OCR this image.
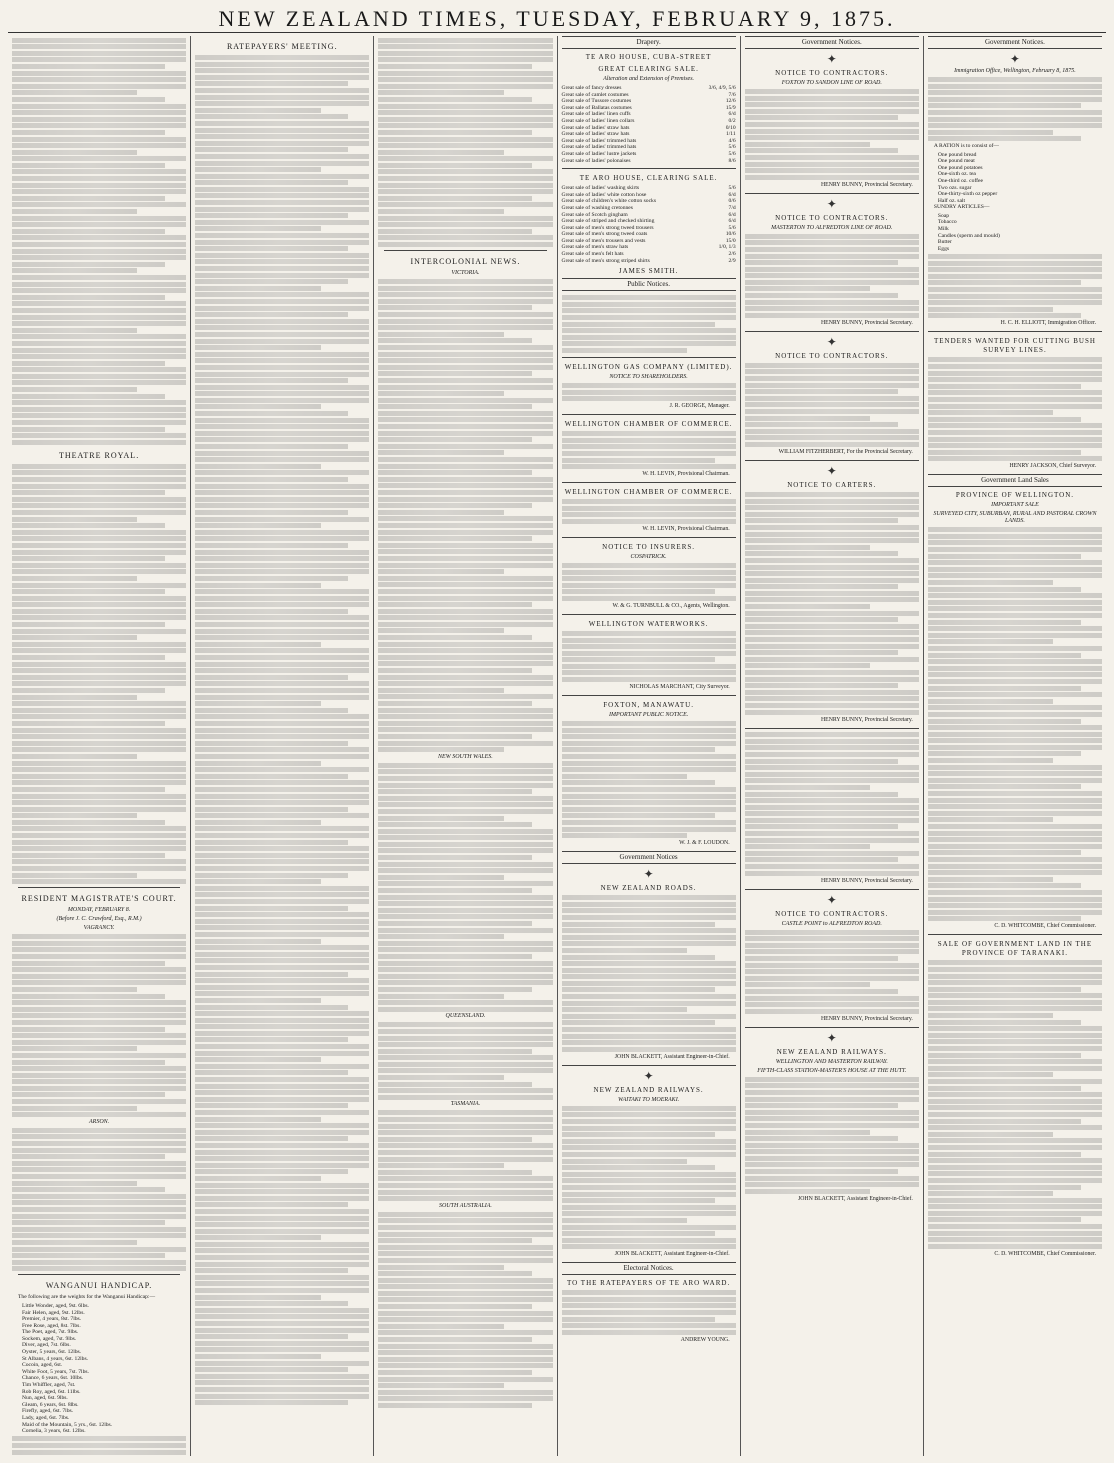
NEW ZEALAND TIMES, TUESDAY, FEBRUARY 9, 1875.
THEATRE ROYAL.
RESIDENT MAGISTRATE'S COURT.
MONDAY, FEBRUARY 8.
(Before J. C. Crawford, Esq., R.M.)
VAGRANCY.
ARSON.
WANGANUI HANDICAP.

The following are the weights for the Wanganui Handicap:—

Little Wonder, aged, 9st. 6lbs.
Fair Helen, aged, 9st. 12lbs.
Premier, 4 years, 8st. 7lbs.
Free Rose, aged, 8st. 7lbs.
The Poet, aged, 7st. 9lbs.
Sockem, aged, 7st. 9lbs.
Diver, aged, 7st. 6lbs.
Oyster, 5 years, 6st. 12lbs.
St Albans, 4 years, 6st. 12lbs.
Cocoin, aged, 6st.
White Foot, 5 years, 7st. 7lbs.
Chance, 6 years, 6st. 10lbs.
Tim Whiffler, aged, 7st.
Rob Roy, aged, 6st. 11lbs.
Nun, aged, 6st. 9lbs.
Gleam, 6 years, 6st. 8lbs.
Firefly, aged, 6st. 7lbs.
Lady, aged, 6st. 7lbs.
Maid of the Mountain, 5 yrs., 6st. 12lbs.
Cornelia, 3 years, 6st. 12lbs.
RATEPAYERS' MEETING.
INTERCOLONIAL NEWS.
VICTORIA.
NEW SOUTH WALES.
QUEENSLAND.
TASMANIA.
SOUTH AUSTRALIA.
Drapery.
TE ARO HOUSE, CUBA-STREET
GREAT CLEARING SALE.
Alteration and Extension of Premises.
Great sale of fancy dresses	3/6, 4/9, 5/6
Great sale of camlet costumes	7/6
Great sale of Tussore costumes	12/6
Great sale of Ballatas costumes	15/9
Great sale of ladies' linen cuffs	6/d
Great sale of ladies' linen collars	0/2
Great sale of ladies' straw hats	0/10
Great sale of ladies' straw hats	1/11
Great sale of ladies' trimmed hats	4/6
Great sale of ladies' trimmed hats	5/6
Great sale of ladies' lustre jackets	5/6
Great sale of ladies' polonaises	8/6
TE ARO HOUSE, CLEARING SALE.
Great sale of ladies' washing skirts	5/6
Great sale of ladies' white cotton hose	6/d
Great sale of children's white cotton socks	0/6
Great sale of washing cretonnes	7/d
Great sale of Scotch gingham	6/d
Great sale of striped and checked shirting	6/d
Great sale of men's strong tweed trousers	5/6
Great sale of men's strong tweed coats	10/6
Great sale of men's trousers and vests	15/0
Great sale of men's straw hats	1/0, 1/3
Great sale of men's felt hats	2/6
Great sale of men's strong striped shirts	2/9
JAMES SMITH.
Public Notices.
WELLINGTON GAS COMPANY (LIMITED).
NOTICE TO SHAREHOLDERS.
J. R. GEORGE, Manager.
WELLINGTON CHAMBER OF COMMERCE.
W. H. LEVIN, Provisional Chairman.
WELLINGTON CHAMBER OF COMMERCE.
W. H. LEVIN, Provisional Chairman.
NOTICE TO INSURERS.
COSPATRICK.
W. & G. TURNBULL & CO., Agents, Wellington.
WELLINGTON WATERWORKS.
NICHOLAS MARCHANT, City Surveyor.
FOXTON, MANAWATU.
IMPORTANT PUBLIC NOTICE.
W. J. & F. LOUDON.
Government Notices
✦
NEW ZEALAND ROADS.
JOHN BLACKETT, Assistant Engineer-in-Chief.
✦
NEW ZEALAND RAILWAYS.
WAITAKI TO MOERAKI.
JOHN BLACKETT, Assistant Engineer-in-Chief.
Electoral Notices.
TO THE RATEPAYERS OF TE ARO WARD.
ANDREW YOUNG.
Government Notices.
✦
NOTICE TO CONTRACTORS.
FOXTON TO SANDON LINE OF ROAD.
HENRY BUNNY, Provincial Secretary.
✦
NOTICE TO CONTRACTORS.
MASTERTON TO ALFREDTON LINE OF ROAD.
HENRY BUNNY, Provincial Secretary.
✦
NOTICE TO CONTRACTORS.
WILLIAM FITZHERBERT, For the Provincial Secretary.
✦
NOTICE TO CARTERS.
HENRY BUNNY, Provincial Secretary.
HENRY BUNNY, Provincial Secretary.
✦
NOTICE TO CONTRACTORS.
CASTLE POINT to ALFREDTON ROAD.
HENRY BUNNY, Provincial Secretary.
✦
NEW ZEALAND RAILWAYS.
WELLINGTON AND MASTERTON RAILWAY.
FIFTH-CLASS STATION-MASTER'S HOUSE AT THE HUTT.
JOHN BLACKETT, Assistant Engineer-in-Chief.
Government Notices.
✦
Immigration Office, Wellington, February 8, 1875.

A RATION is to consist of—

One pound bread
One pound meat
One pound potatoes
One-sixth oz. tea
One-third oz. coffee
Two ozs. sugar
One-thirty-sixth oz pepper
Half oz. salt

SUNDRY ARTICLES—

Soap
Tobacco
Milk
Candles (sperm and mould)
Butter
Eggs
H. C. H. ELLIOTT, Immigration Officer.
TENDERS WANTED FOR CUTTING BUSH SURVEY LINES.
HENRY JACKSON, Chief Surveyor.
Government Land Sales
PROVINCE OF WELLINGTON.
IMPORTANT SALE
SURVEYED CITY, SUBURBAN, RURAL AND PASTORAL CROWN LANDS.
C. D. WHITCOMBE, Chief Commissioner.
SALE OF GOVERNMENT LAND IN THE PROVINCE OF TARANAKI.
C. D. WHITCOMBE, Chief Commissioner.
